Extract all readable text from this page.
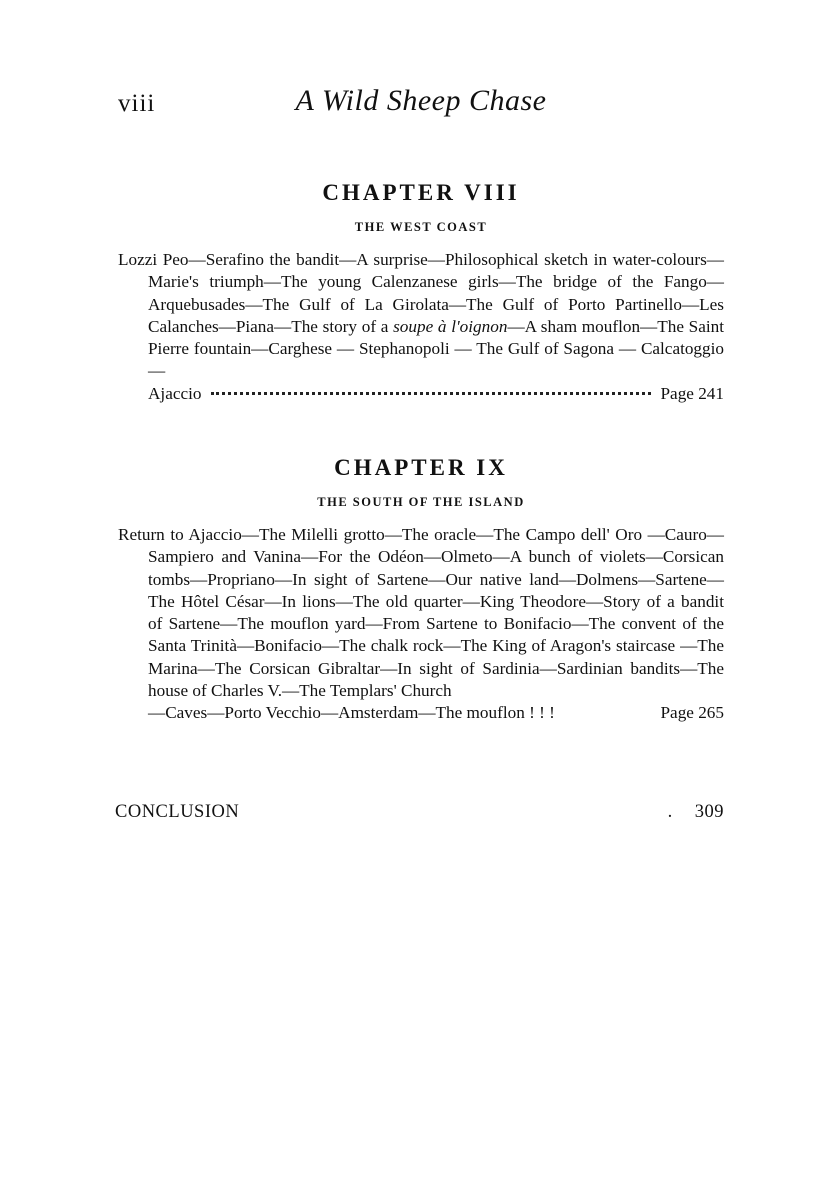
viii	A Wild Sheep Chase
CHAPTER VIII
THE WEST COAST

Lozzi Peo—Serafino the bandit—A surprise—Philosophical sketch in water-colours—Marie's triumph—The young Calenzanese girls—The bridge of the Fango—Arquebusades—The Gulf of La Girolata—The Gulf of Porto Partinello—Les Calanches—Piana—The story of a soupe à l'oignon—A sham mouflon—The Saint Pierre fountain—Carghese — Stephanopoli — The Gulf of Sagona — Calcatoggio —

Ajaccio	Page 241
CHAPTER IX
THE SOUTH OF THE ISLAND

Return to Ajaccio—The Milelli grotto—The oracle—The Campo dell' Oro —Cauro—Sampiero and Vanina—For the Odéon—Olmeto—A bunch of violets—Corsican tombs—Propriano—In sight of Sartene—Our native land—Dolmens—Sartene—The Hôtel César—In lions—The old quarter—King Theodore—Story of a bandit of Sartene—The mouflon yard—From Sartene to Bonifacio—The convent of the Santa Trinità—Bonifacio—The chalk rock—The King of Aragon's staircase —The Marina—The Corsican Gibraltar—In sight of Sardinia—Sardinian bandits—The house of Charles V.—The Templars' Church

—Caves—Porto Vecchio—Amsterdam—The mouflon ! ! !	Page 265
CONCLUSION	.	309
